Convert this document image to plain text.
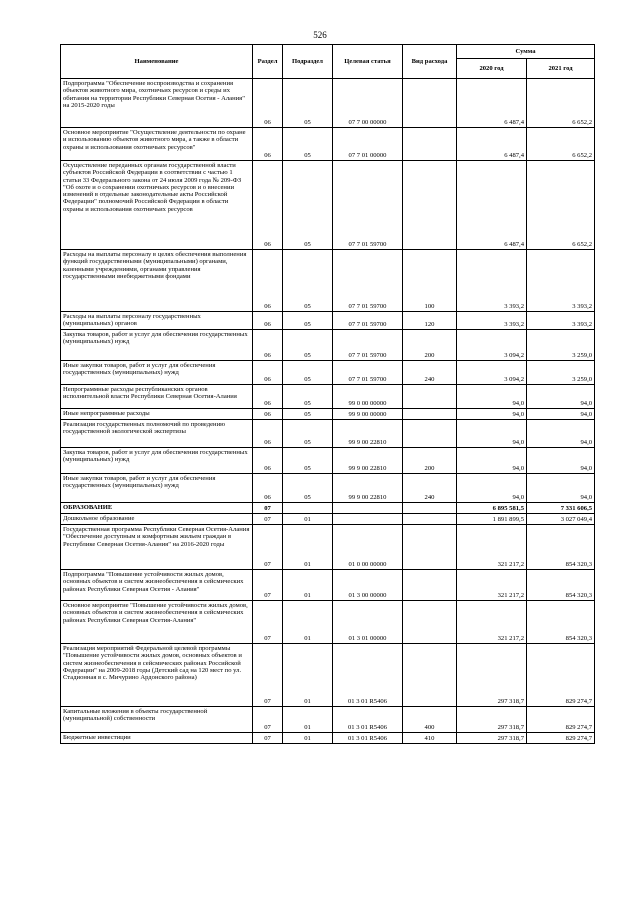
526
Наименование	Раздел	Подраздел	Целевая статья	Вид расхода	Сумма	
					2020 год	2021 год
Подпрограмма "Обеспечение воспроизводства и сохранения объектов животного мира, охотничьих ресурсов и среды их обитания на территории Республики Северная Осетия - Алания" на 2015-2020 годы	06	05	07 7 00 00000		6 487,4	6 652,2
Основное мероприятие "Осуществление деятельности по охране и использованию объектов животного мира, а также в области охраны и использования охотничьих ресурсов"	06	05	07 7 01 00000		6 487,4	6 652,2
Осуществление переданных органам государственной власти субъектов Российской Федерации в соответствии с частью 1 статьи 33 Федерального закона от 24 июля 2009 года № 209-ФЗ "Об охоте и о сохранении охотничьих ресурсов и о внесении изменений в отдельные законодательные акты Российской Федерации" полномочий Российской Федерации в области охраны и использования охотничьих ресурсов	06	05	07 7 01 59700		6 487,4	6 652,2
Расходы на выплаты персоналу в целях обеспечения выполнения функций государственными (муниципальными) органами, казенными учреждениями, органами управления государственными внебюджетными фондами	06	05	07 7 01 59700	100	3 393,2	3 393,2
Расходы на выплаты персоналу государственных (муниципальных) органов	06	05	07 7 01 59700	120	3 393,2	3 393,2
Закупка товаров, работ и услуг для обеспечения государственных (муниципальных) нужд	06	05	07 7 01 59700	200	3 094,2	3 259,0
Иные закупки товаров, работ и услуг для обеспечения государственных (муниципальных) нужд	06	05	07 7 01 59700	240	3 094,2	3 259,0
Непрограммные расходы республиканских органов исполнительной власти Республики Северная Осетия-Алания	06	05	99 0 00 00000		94,0	94,0
Иные непрограммные расходы	06	05	99 9 00 00000		94,0	94,0
Реализация государственных полномочий по проведению государственной экологической экспертизы	06	05	99 9 00 22810		94,0	94,0
Закупка товаров, работ и услуг для обеспечения государственных (муниципальных) нужд	06	05	99 9 00 22810	200	94,0	94,0
Иные закупки товаров, работ и услуг для обеспечения государственных (муниципальных) нужд	06	05	99 9 00 22810	240	94,0	94,0
ОБРАЗОВАНИЕ	07				6 895 581,5	7 331 606,5
Дошкольное образование	07	01			1 891 899,5	3 027 049,4
Государственная программа Республики Северная Осетия-Алания "Обеспечение доступным и комфортным жильем граждан в Республике Северная Осетия-Алания" на 2016-2020 годы	07	01	01 0 00 00000		321 217,2	854 320,3
Подпрограмма "Повышение устойчивости жилых домов, основных объектов и систем жизнеобеспечения в сейсмических районах Республики Северная Осетия - Алания"	07	01	01 3 00 00000		321 217,2	854 320,3
Основное мероприятие "Повышение устойчивости жилых домов, основных объектов и систем жизнеобеспечения в сейсмических районах Республики Северная Осетия-Алания"	07	01	01 3 01 00000		321 217,2	854 320,3
Реализация мероприятий Федеральной целевой программы "Повышение устойчивости жилых домов, основных объектов и систем жизнеобеспечения в сейсмических районах Российской Федерации" на 2009-2018 годы (Детский сад на 120 мест по ул. Стадионная в с. Мичурино Ардонского района)	07	01	01 3 01 R5406		297 318,7	829 274,7
Капитальные вложения в объекты государственной (муниципальной) собственности	07	01	01 3 01 R5406	400	297 318,7	829 274,7
Бюджетные инвестиции	07	01	01 3 01 R5406	410	297 318,7	829 274,7
